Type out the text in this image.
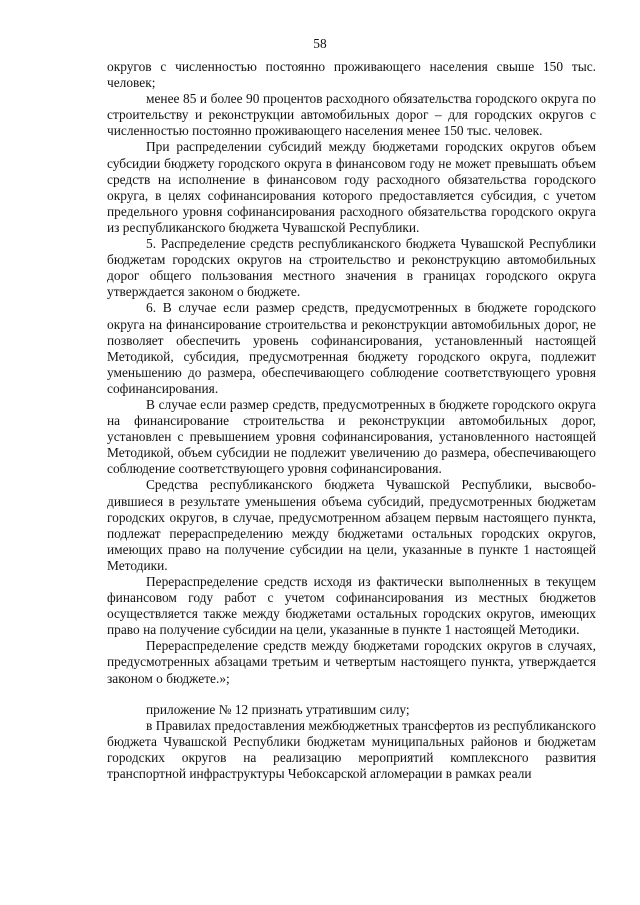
58

округов с численностью постоянно проживающего населения свыше 150 тыс. человек;

менее 85 и более 90 процентов расходного обязательства городского округа по строительству и реконструкции автомобильных дорог – для городских округов с численностью постоянно проживающего населения менее 150 тыс. человек.

При распределении субсидий между бюджетами городских округов объем субсидии бюджету городского округа в финансовом году не может превышать объем средств на исполнение в финансовом году расходного обязательства городского округа, в целях софинансирования которого предоставляется субсидия, с учетом предельного уровня софинансирования расходного обязательства городского округа из республиканского бюджета Чувашской Республики.

5. Распределение средств республиканского бюджета Чувашской Республики бюджетам городских округов на строительство и реконструкцию автомобильных дорог общего пользования местного значения в границах городского округа утверждается законом о бюджете.

6. В случае если размер средств, предусмотренных в бюджете городского округа на финансирование строительства и реконструкции автомобильных дорог, не позволяет обеспечить уровень софинансирования, установленный настоящей Методикой, субсидия, предусмотренная бюджету городского округа, подлежит уменьшению до размера, обеспечивающего соблюдение соответствующего уровня софинансирования.

В случае если размер средств, предусмотренных в бюджете городского округа на финансирование строительства и реконструкции автомобильных дорог, установлен с превышением уровня софинансирования, установленного настоящей Методикой, объем субсидии не подлежит увеличению до размера, обеспечивающего соблюдение соответствующего уровня софинансирования.

Средства республиканского бюджета Чувашской Республики, высвободившиеся в результате уменьшения объема субсидий, предусмотренных бюджетам городских округов, в случае, предусмотренном абзацем первым настоящего пункта, подлежат перераспределению между бюджетами остальных городских округов, имеющих право на получение субсидии на цели, указанные в пункте 1 настоящей Методики.

Перераспределение средств исходя из фактически выполненных в текущем финансовом году работ с учетом софинансирования из местных бюджетов осуществляется также между бюджетами остальных городских округов, имеющих право на получение субсидии на цели, указанные в пункте 1 настоящей Методики.

Перераспределение средств между бюджетами городских округов в случаях, предусмотренных абзацами третьим и четвертым настоящего пункта, утверждается законом о бюджете.»;

приложение № 12 признать утратившим силу;

в Правилах предоставления межбюджетных трансфертов из республиканского бюджета Чувашской Республики бюджетам муниципальных районов и бюджетам городских округов на реализацию мероприятий комплексного развития транспортной инфраструктуры Чебоксарской агломерации в рамках реали
